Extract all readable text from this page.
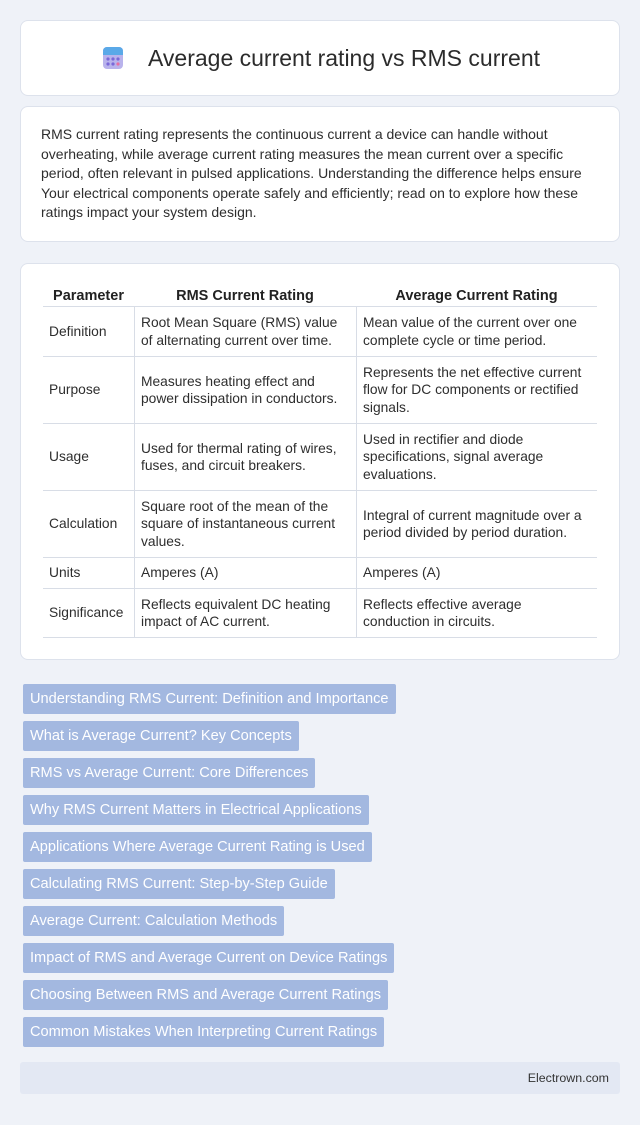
Average current rating vs RMS current

RMS current rating represents the continuous current a device can handle without overheating, while average current rating measures the mean current over a specific period, often relevant in pulsed applications. Understanding the difference helps ensure Your electrical components operate safely and efficiently; read on to explore how these ratings impact your system design.

Parameter	RMS Current Rating	Average Current Rating
Definition	Root Mean Square (RMS) value of alternating current over time.	Mean value of the current over one complete cycle or time period.
Purpose	Measures heating effect and power dissipation in conductors.	Represents the net effective current flow for DC components or rectified signals.
Usage	Used for thermal rating of wires, fuses, and circuit breakers.	Used in rectifier and diode specifications, signal average evaluations.
Calculation	Square root of the mean of the square of instantaneous current values.	Integral of current magnitude over a period divided by period duration.
Units	Amperes (A)	Amperes (A)
Significance	Reflects equivalent DC heating impact of AC current.	Reflects effective average conduction in circuits.
Understanding RMS Current: Definition and Importance
What is Average Current? Key Concepts
RMS vs Average Current: Core Differences
Why RMS Current Matters in Electrical Applications
Applications Where Average Current Rating is Used
Calculating RMS Current: Step-by-Step Guide
Average Current: Calculation Methods
Impact of RMS and Average Current on Device Ratings
Choosing Between RMS and Average Current Ratings
Common Mistakes When Interpreting Current Ratings
Electrown.com
